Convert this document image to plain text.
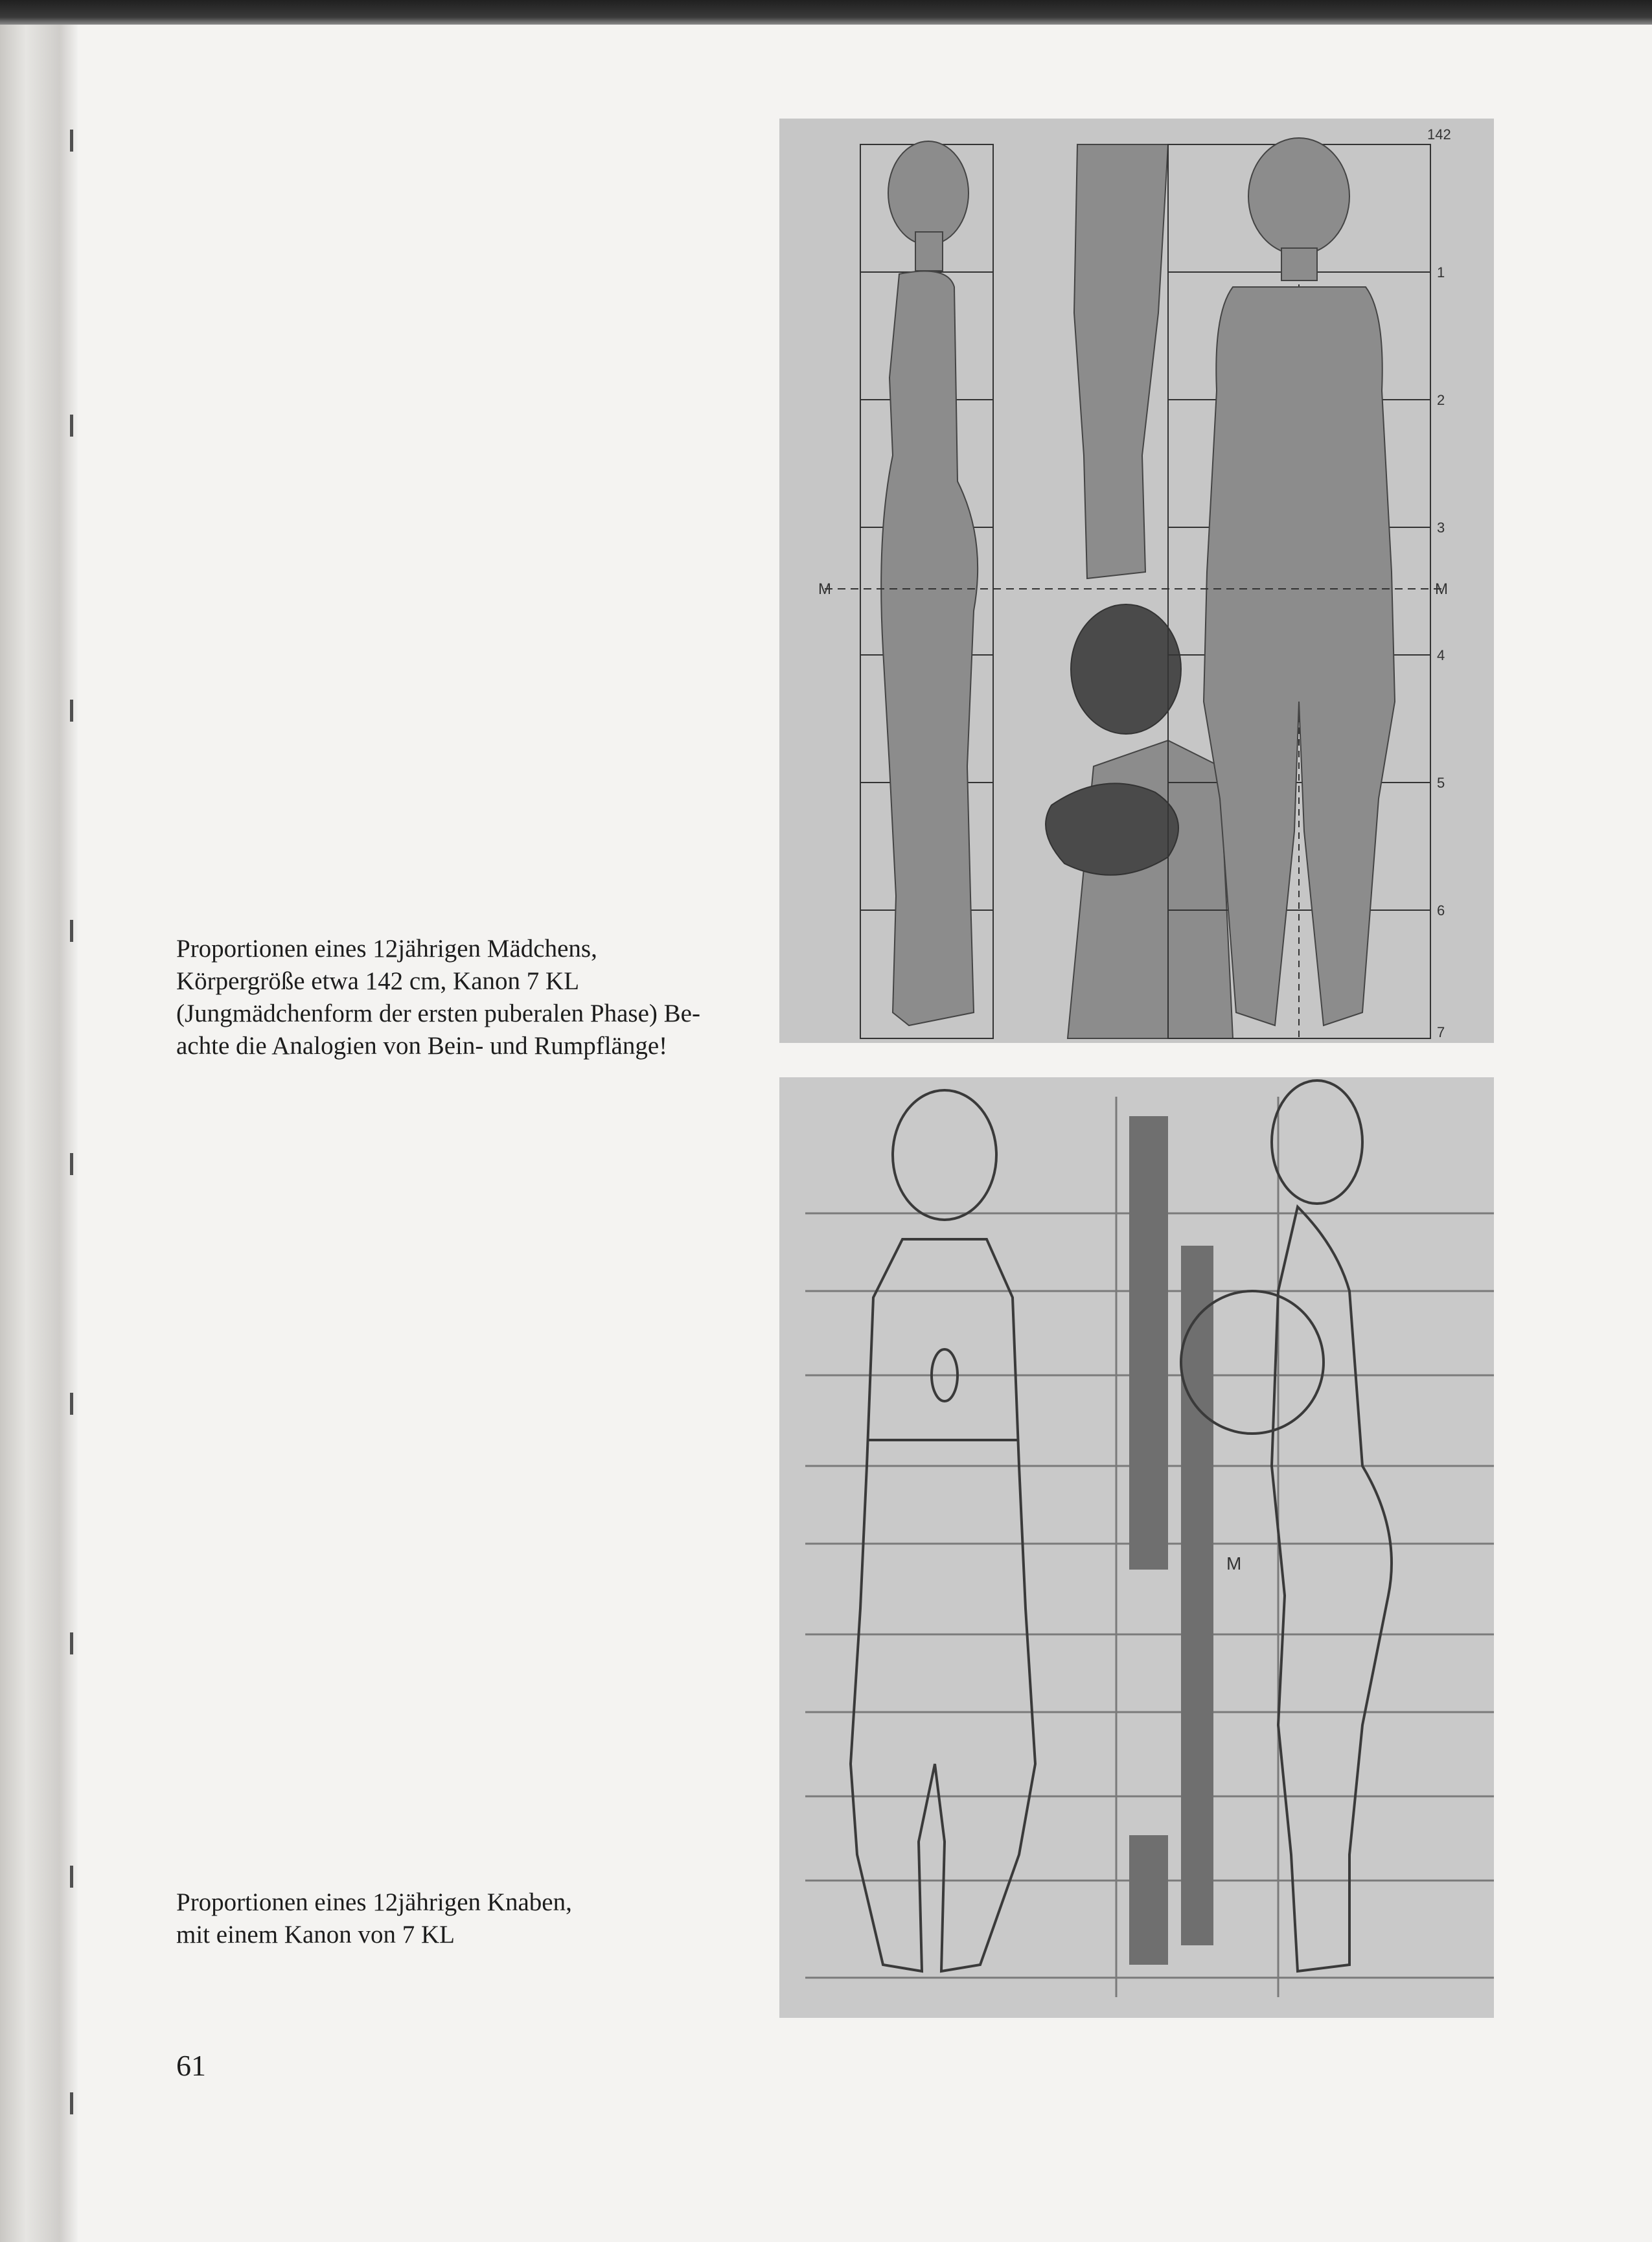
142
1
2
3
M
4
5
6
7
M
Proportionen eines 12jährigen Mädchens,
Körpergröße etwa 142 cm, Kanon 7 KL
(Jungmädchenform der ersten puberalen Phase) Be-
achte die Analogien von Bein- und Rumpflänge!
M
Proportionen eines 12jährigen Knaben,
mit einem Kanon von 7 KL
61
